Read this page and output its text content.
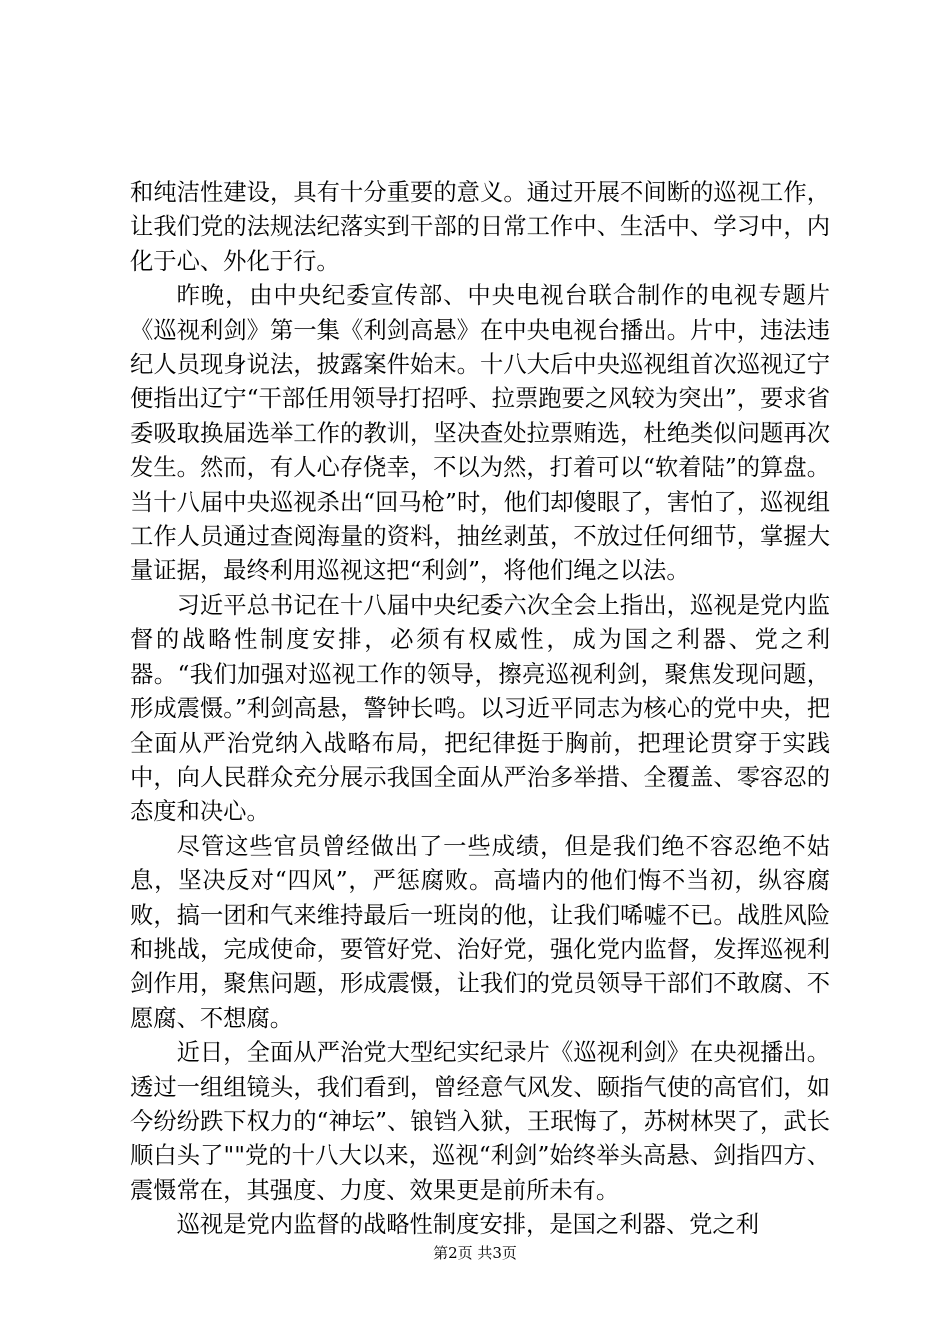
和纯洁性建设，具有十分重要的意义。通过开展不间断的巡视工作，让我们党的法规法纪落实到干部的日常工作中、生活中、学习中，内化于心、外化于行。

昨晚，由中央纪委宣传部、中央电视台联合制作的电视专题片《巡视利剑》第一集《利剑高悬》在中央电视台播出。片中，违法违纪人员现身说法，披露案件始末。十八大后中央巡视组首次巡视辽宁便指出辽宁“干部任用领导打招呼、拉票跑要之风较为突出”，要求省委吸取换届选举工作的教训，坚决查处拉票贿选，杜绝类似问题再次发生。然而，有人心存侥幸，不以为然，打着可以“软着陆”的算盘。当十八届中央巡视杀出“回马枪”时，他们却傻眼了，害怕了，巡视组工作人员通过查阅海量的资料，抽丝剥茧，不放过任何细节，掌握大量证据，最终利用巡视这把“利剑”，将他们绳之以法。

习近平总书记在十八届中央纪委六次全会上指出，巡视是党内监督的战略性制度安排，必须有权威性，成为国之利器、党之利器。“我们加强对巡视工作的领导，擦亮巡视利剑，聚焦发现问题，形成震慑。”利剑高悬，警钟长鸣。以习近平同志为核心的党中央，把全面从严治党纳入战略布局，把纪律挺于胸前，把理论贯穿于实践中，向人民群众充分展示我国全面从严治多举措、全覆盖、零容忍的态度和决心。

尽管这些官员曾经做出了一些成绩，但是我们绝不容忍绝不姑息，坚决反对“四风”，严惩腐败。高墙内的他们悔不当初，纵容腐败，搞一团和气来维持最后一班岗的他，让我们唏嘘不已。战胜风险和挑战，完成使命，要管好党、治好党，强化党内监督，发挥巡视利剑作用，聚焦问题，形成震慑，让我们的党员领导干部们不敢腐、不愿腐、不想腐。

近日，全面从严治党大型纪实纪录片《巡视利剑》在央视播出。透过一组组镜头，我们看到，曾经意气风发、颐指气使的高官们，如今纷纷跌下权力的“神坛”、锒铛入狱，王珉悔了，苏树林哭了，武长顺白头了""党的十八大以来，巡视“利剑”始终举头高悬、剑指四方、震慑常在，其强度、力度、效果更是前所未有。

巡视是党内监督的战略性制度安排，是国之利器、党之利

第2页 共3页
